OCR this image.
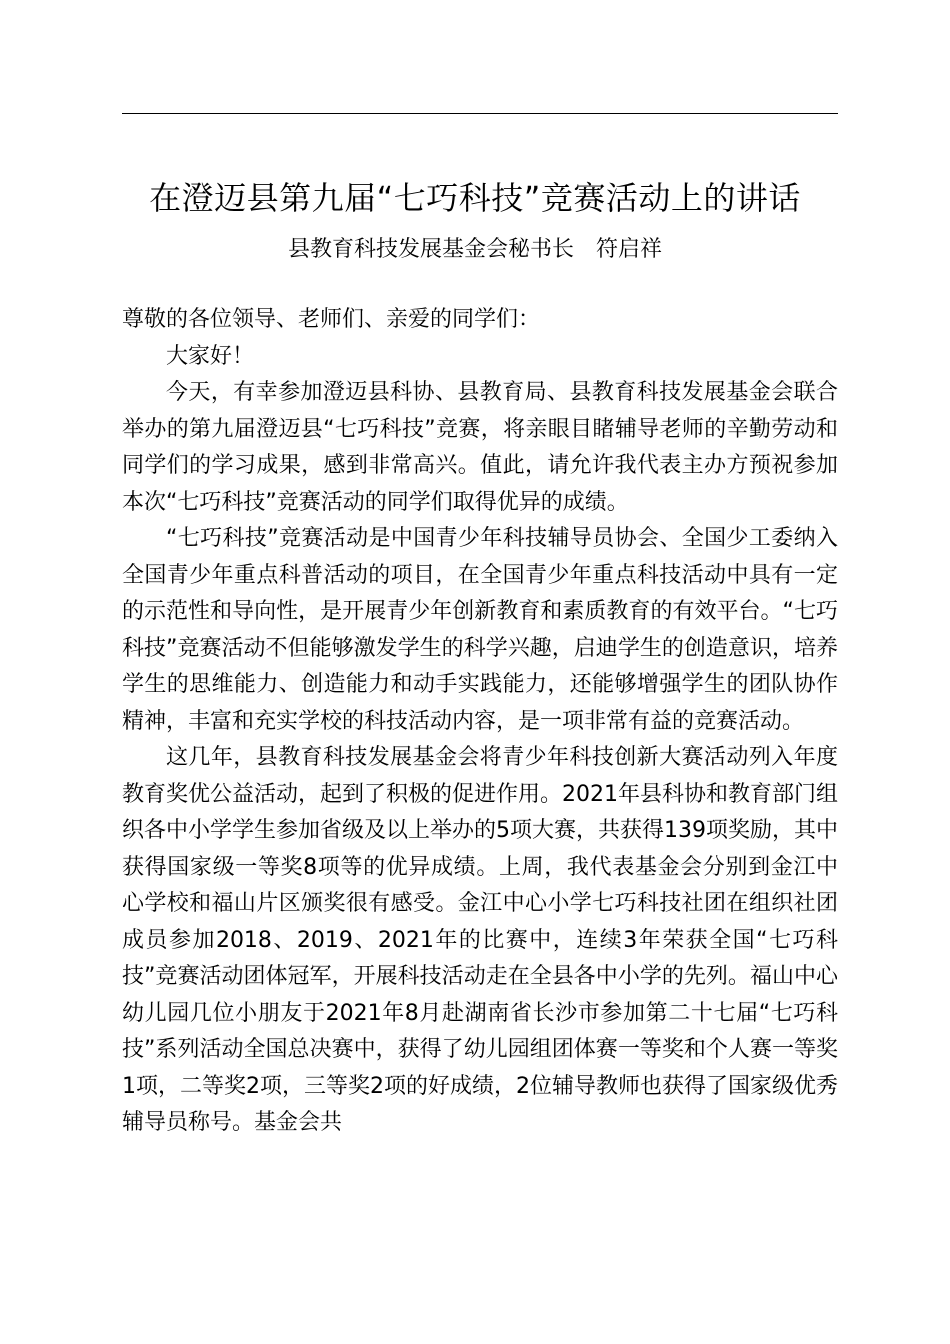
在澄迈县第九届“七巧科技”竞赛活动上的讲话
县教育科技发展基金会秘书长　符启祥

尊敬的各位领导、老师们、亲爱的同学们：

大家好！

今天，有幸参加澄迈县科协、县教育局、县教育科技发展基金会联合举办的第九届澄迈县“七巧科技”竞赛，将亲眼目睹辅导老师的辛勤劳动和同学们的学习成果，感到非常高兴。值此，请允许我代表主办方预祝参加本次“七巧科技”竞赛活动的同学们取得优异的成绩。

“七巧科技”竞赛活动是中国青少年科技辅导员协会、全国少工委纳入全国青少年重点科普活动的项目，在全国青少年重点科技活动中具有一定的示范性和导向性，是开展青少年创新教育和素质教育的有效平台。“七巧科技”竞赛活动不但能够激发学生的科学兴趣，启迪学生的创造意识，培养学生的思维能力、创造能力和动手实践能力，还能够增强学生的团队协作精神，丰富和充实学校的科技活动内容，是一项非常有益的竞赛活动。

这几年，县教育科技发展基金会将青少年科技创新大赛活动列入年度教育奖优公益活动，起到了积极的促进作用。2021年县科协和教育部门组织各中小学学生参加省级及以上举办的5项大赛，共获得139项奖励，其中获得国家级一等奖8项等的优异成绩。上周，我代表基金会分别到金江中心学校和福山片区颁奖很有感受。金江中心小学七巧科技社团在组织社团成员参加2018、2019、2021年的比赛中，连续3年荣获全国“七巧科技”竞赛活动团体冠军，开展科技活动走在全县各中小学的先列。福山中心幼儿园几位小朋友于2021年8月赴湖南省长沙市参加第二十七届“七巧科技”系列活动全国总决赛中，获得了幼儿园组团体赛一等奖和个人赛一等奖1项，二等奖2项，三等奖2项的好成绩，2位辅导教师也获得了国家级优秀辅导员称号。基金会共
